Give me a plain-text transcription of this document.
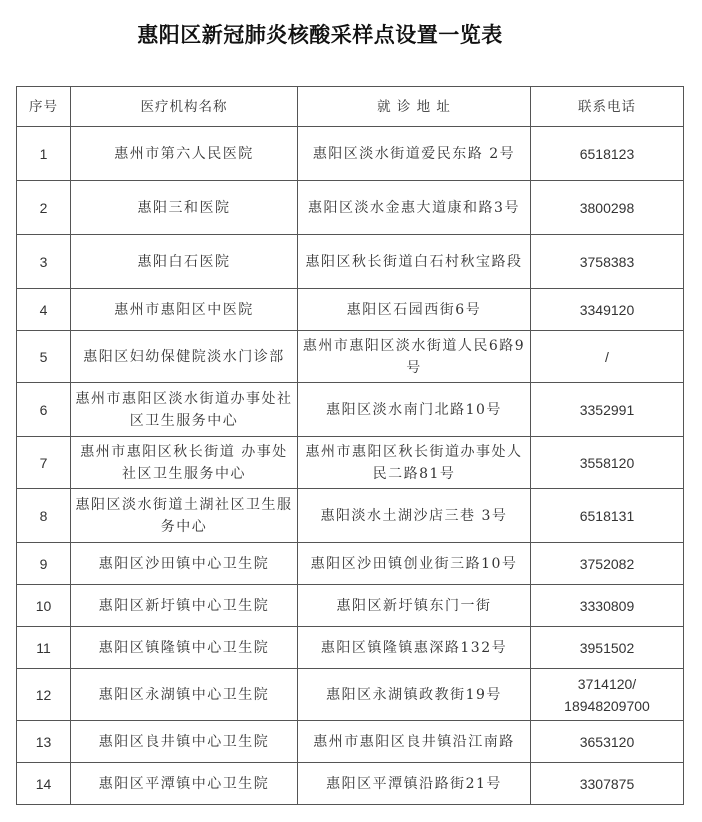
惠阳区新冠肺炎核酸采样点设置一览表
序号	医疗机构名称	就 诊 地 址	联系电话
1	惠州市第六人民医院	惠阳区淡水街道爱民东路 2号	6518123
2	惠阳三和医院	惠阳区淡水金惠大道康和路3号	3800298
3	惠阳白石医院	惠阳区秋长街道白石村秋宝路段	3758383
4	惠州市惠阳区中医院	惠阳区石园西街6号	3349120
5	惠阳区妇幼保健院淡水门诊部	惠州市惠阳区淡水街道人民6路9号	/
6	惠州市惠阳区淡水街道办事处社区卫生服务中心	惠阳区淡水南门北路10号	3352991
7	惠州市惠阳区秋长街道 办事处社区卫生服务中心	惠州市惠阳区秋长街道办事处人民二路81号	3558120
8	惠阳区淡水街道土湖社区卫生服务中心	惠阳淡水土湖沙店三巷 3号	6518131
9	惠阳区沙田镇中心卫生院	惠阳区沙田镇创业街三路10号	3752082
10	惠阳区新圩镇中心卫生院	惠阳区新圩镇东门一街	3330809
11	惠阳区镇隆镇中心卫生院	惠阳区镇隆镇惠深路132号	3951502
12	惠阳区永湖镇中心卫生院	惠阳区永湖镇政教街19号	3714120/ 18948209700
13	惠阳区良井镇中心卫生院	惠州市惠阳区良井镇沿江南路	3653120
14	惠阳区平潭镇中心卫生院	惠阳区平潭镇沿路街21号	3307875
